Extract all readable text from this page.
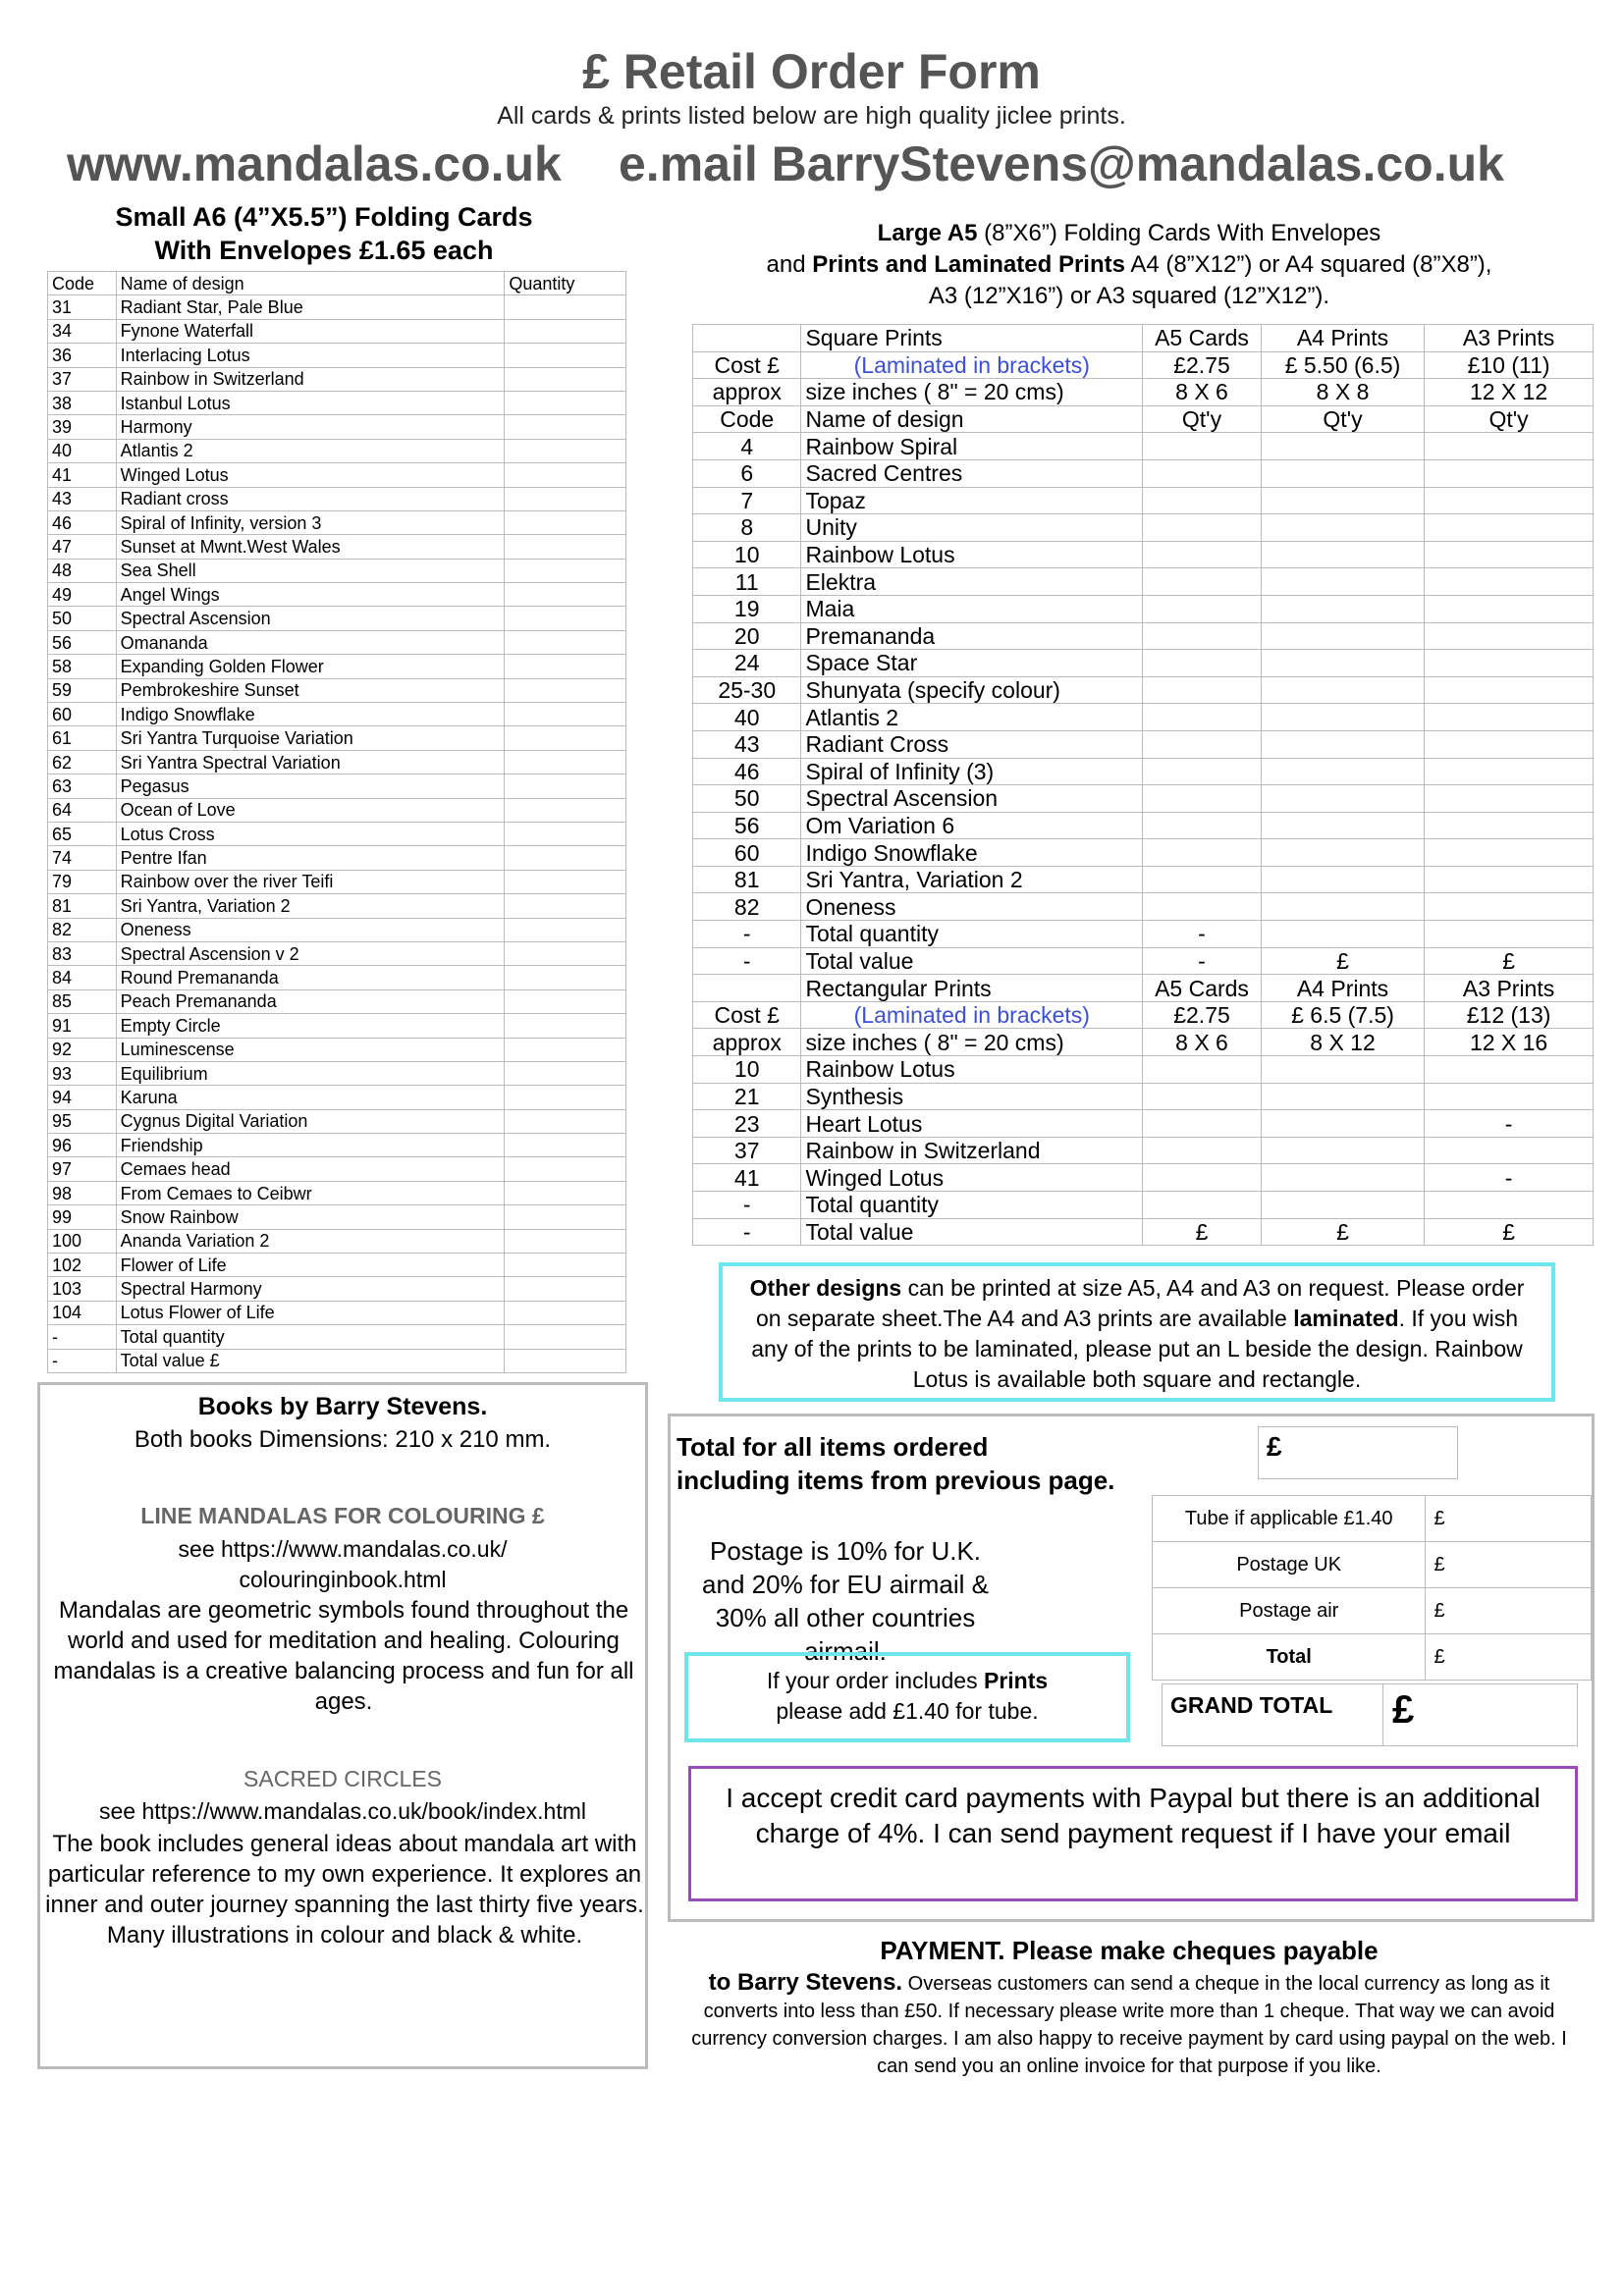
£ Retail Order Form
All cards & prints listed below are high quality jiclee prints.
www.mandalas.co.uk e.mail BarryStevens@mandalas.co.uk
Small A6 (4”X5.5”) Folding Cards
With Envelopes £1.65 each
Code	Name of design	Quantity
31	Radiant Star, Pale Blue	
34	Fynone Waterfall	
36	Interlacing Lotus	
37	Rainbow in Switzerland	
38	Istanbul Lotus	
39	Harmony	
40	Atlantis 2	
41	Winged Lotus	
43	Radiant cross	
46	Spiral of Infinity, version 3	
47	Sunset at Mwnt.West Wales	
48	Sea Shell	
49	Angel Wings	
50	Spectral Ascension	
56	Omananda	
58	Expanding Golden Flower	
59	Pembrokeshire Sunset	
60	Indigo Snowflake	
61	Sri Yantra Turquoise Variation	
62	Sri Yantra Spectral Variation	
63	Pegasus	
64	Ocean of Love	
65	Lotus Cross	
74	Pentre Ifan	
79	Rainbow over the river Teifi	
81	Sri Yantra, Variation 2	
82	Oneness	
83	Spectral Ascension v 2	
84	Round Premananda	
85	Peach Premananda	
91	Empty Circle	
92	Luminescense	
93	Equilibrium	
94	Karuna	
95	Cygnus Digital Variation	
96	Friendship	
97	Cemaes head	
98	From Cemaes to Ceibwr	
99	Snow Rainbow	
100	Ananda Variation 2	
102	Flower of Life	
103	Spectral Harmony	
104	Lotus Flower of Life	
-	Total quantity	
-	Total value £	
Large A5 (8”X6”) Folding Cards With Envelopes
and Prints and Laminated Prints A4 (8”X12”) or A4 squared (8”X8”),
A3 (12”X16”) or A3 squared (12”X12”).
	Square Prints	A5 Cards	A4 Prints	A3 Prints
Cost £	(Laminated in brackets)	£2.75	£ 5.50 (6.5)	£10 (11)
approx	size inches ( 8" = 20 cms)	8 X 6	8 X 8	12 X 12
Code	Name of design	Qt'y	Qt'y	Qt'y
4	Rainbow Spiral			
6	Sacred Centres			
7	Topaz			
8	Unity			
10	Rainbow Lotus			
11	Elektra			
19	Maia			
20	Premananda			
24	Space Star			
25-30	Shunyata (specify colour)			
40	Atlantis 2			
43	Radiant Cross			
46	Spiral of Infinity (3)			
50	Spectral Ascension			
56	Om Variation 6			
60	Indigo Snowflake			
81	Sri Yantra, Variation 2			
82	Oneness			
-	Total quantity	-		
-	Total value	-	£	£
	Rectangular Prints	A5 Cards	A4 Prints	A3 Prints
Cost £	(Laminated in brackets)	£2.75	£ 6.5 (7.5)	£12 (13)
approx	size inches ( 8" = 20 cms)	8 X 6	8 X 12	12 X 16
10	Rainbow Lotus			
21	Synthesis			
23	Heart Lotus			-
37	Rainbow in Switzerland			
41	Winged Lotus			-
-	Total quantity			
-	Total value	£	£	£
Other designs can be printed at size A5, A4 and A3 on request. Please order on separate sheet.The A4 and A3 prints are available laminated. If you wish any of the prints to be laminated, please put an L beside the design. Rainbow Lotus is available both square and rectangle.
Books by Barry Stevens.
Both books Dimensions: 210 x 210 mm.
LINE MANDALAS FOR COLOURING £
see https://www.mandalas.co.uk/
colouringinbook.html
Mandalas are geometric symbols found throughout the world and used for meditation and healing. Colouring mandalas is a creative balancing process and fun for all ages.
SACRED CIRCLES
see https://www.mandalas.co.uk/book/index.html
The book includes general ideas about mandala art with particular reference to my own experience. It explores an inner and outer journey spanning the last thirty five years. Many illustrations in colour and black & white.
Total for all items ordered
including items from previous page.
£
Postage is 10% for U.K. and 20% for EU airmail & 30% all other countries airmail.
Tube if applicable £1.40	£
Postage UK	£
Postage air	£
Total	£
If your order includes Prints
please add £1.40 for tube.	GRAND TOTAL £
I accept credit card payments with Paypal but there is an additional charge of 4%. I can send payment request if I have your email
PAYMENT. Please make cheques payable
to Barry Stevens. Overseas customers can send a cheque in the local currency as long as it converts into less than £50. If necessary please write more than 1 cheque. That way we can avoid currency conversion charges. I am also happy to receive payment by card using paypal on the web. I can send you an online invoice for that purpose if you like.
